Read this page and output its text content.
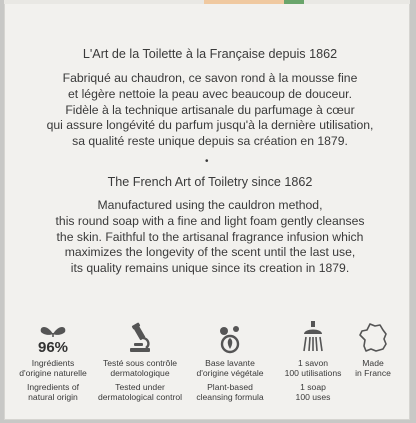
L'Art de la Toilette à la Française depuis 1862
Fabriqué au chaudron, ce savon rond à la mousse fine
et légère nettoie la peau avec beaucoup de douceur.
Fidèle à la technique artisanale du parfumage à cœur
qui assure longévité du parfum jusqu'à la dernière utilisation,
sa qualité reste unique depuis sa création en 1879.
•
The French Art of Toiletry since 1862
Manufactured using the cauldron method,
this round soap with a fine and light foam gently cleanses
the skin. Faithful to the artisanal fragrance infusion which
maximizes the longevity of the scent until the last use,
its quality remains unique since its creation in 1879.
96%
Ingrédients
d'origine naturelle
Ingredients of
natural origin
Testé sous contrôle
dermatologique
Tested under
dermatological control
Base lavante
d'origine végétale
Plant-based
cleansing formula
1 savon
100 utilisations
1 soap
100 uses
Made
in France
